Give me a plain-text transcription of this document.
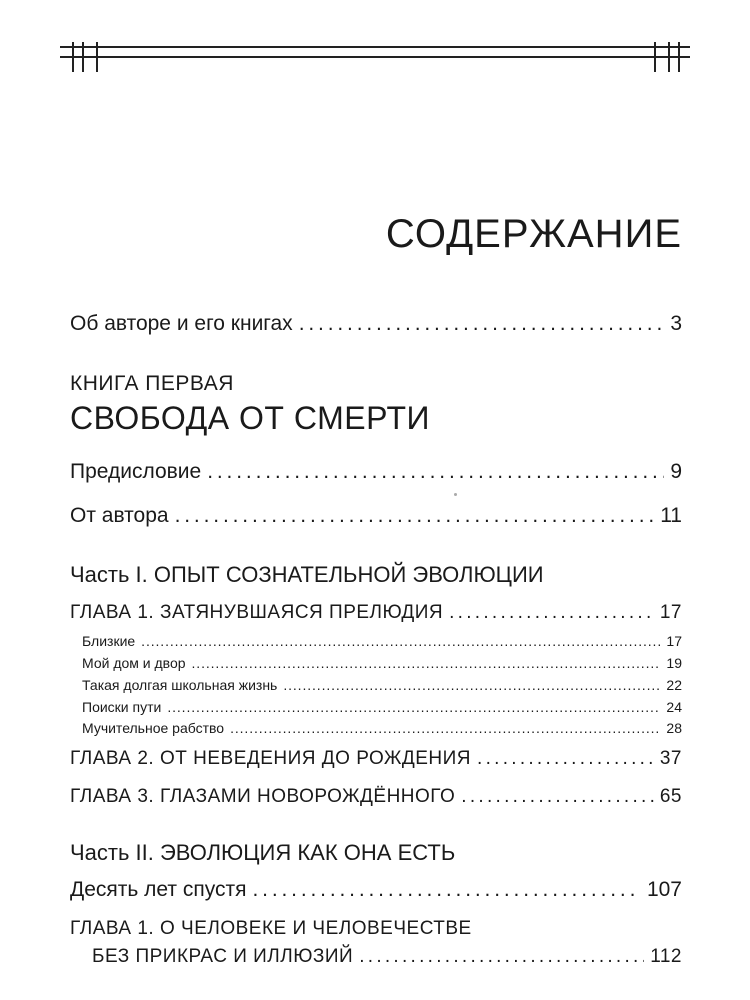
СОДЕРЖАНИЕ
Об авторе и его книгах . . .	3
КНИГА ПЕРВАЯ
СВОБОДА ОТ СМЕРТИ
Предисловие . . .	9
От автора . . .	11
Часть I. ОПЫТ СОЗНАТЕЛЬНОЙ ЭВОЛЮЦИИ
ГЛАВА 1. ЗАТЯНУВШАЯСЯ ПРЕЛЮДИЯ . . .	17
Близкие . . .	17
Мой дом и двор . . .	19
Такая долгая школьная жизнь . . .	22
Поиски пути . . .	24
Мучительное рабство . . .	28
ГЛАВА 2. ОТ НЕВЕДЕНИЯ ДО РОЖДЕНИЯ . . .	37
ГЛАВА 3. ГЛАЗАМИ НОВОРОЖДЁННОГО . . .	65
Часть II. ЭВОЛЮЦИЯ КАК ОНА ЕСТЬ
Десять лет спустя . . .	107
ГЛАВА 1. О ЧЕЛОВЕКЕ И ЧЕЛОВЕЧЕСТВЕ
БЕЗ ПРИКРАС И ИЛЛЮЗИЙ . . .	112
